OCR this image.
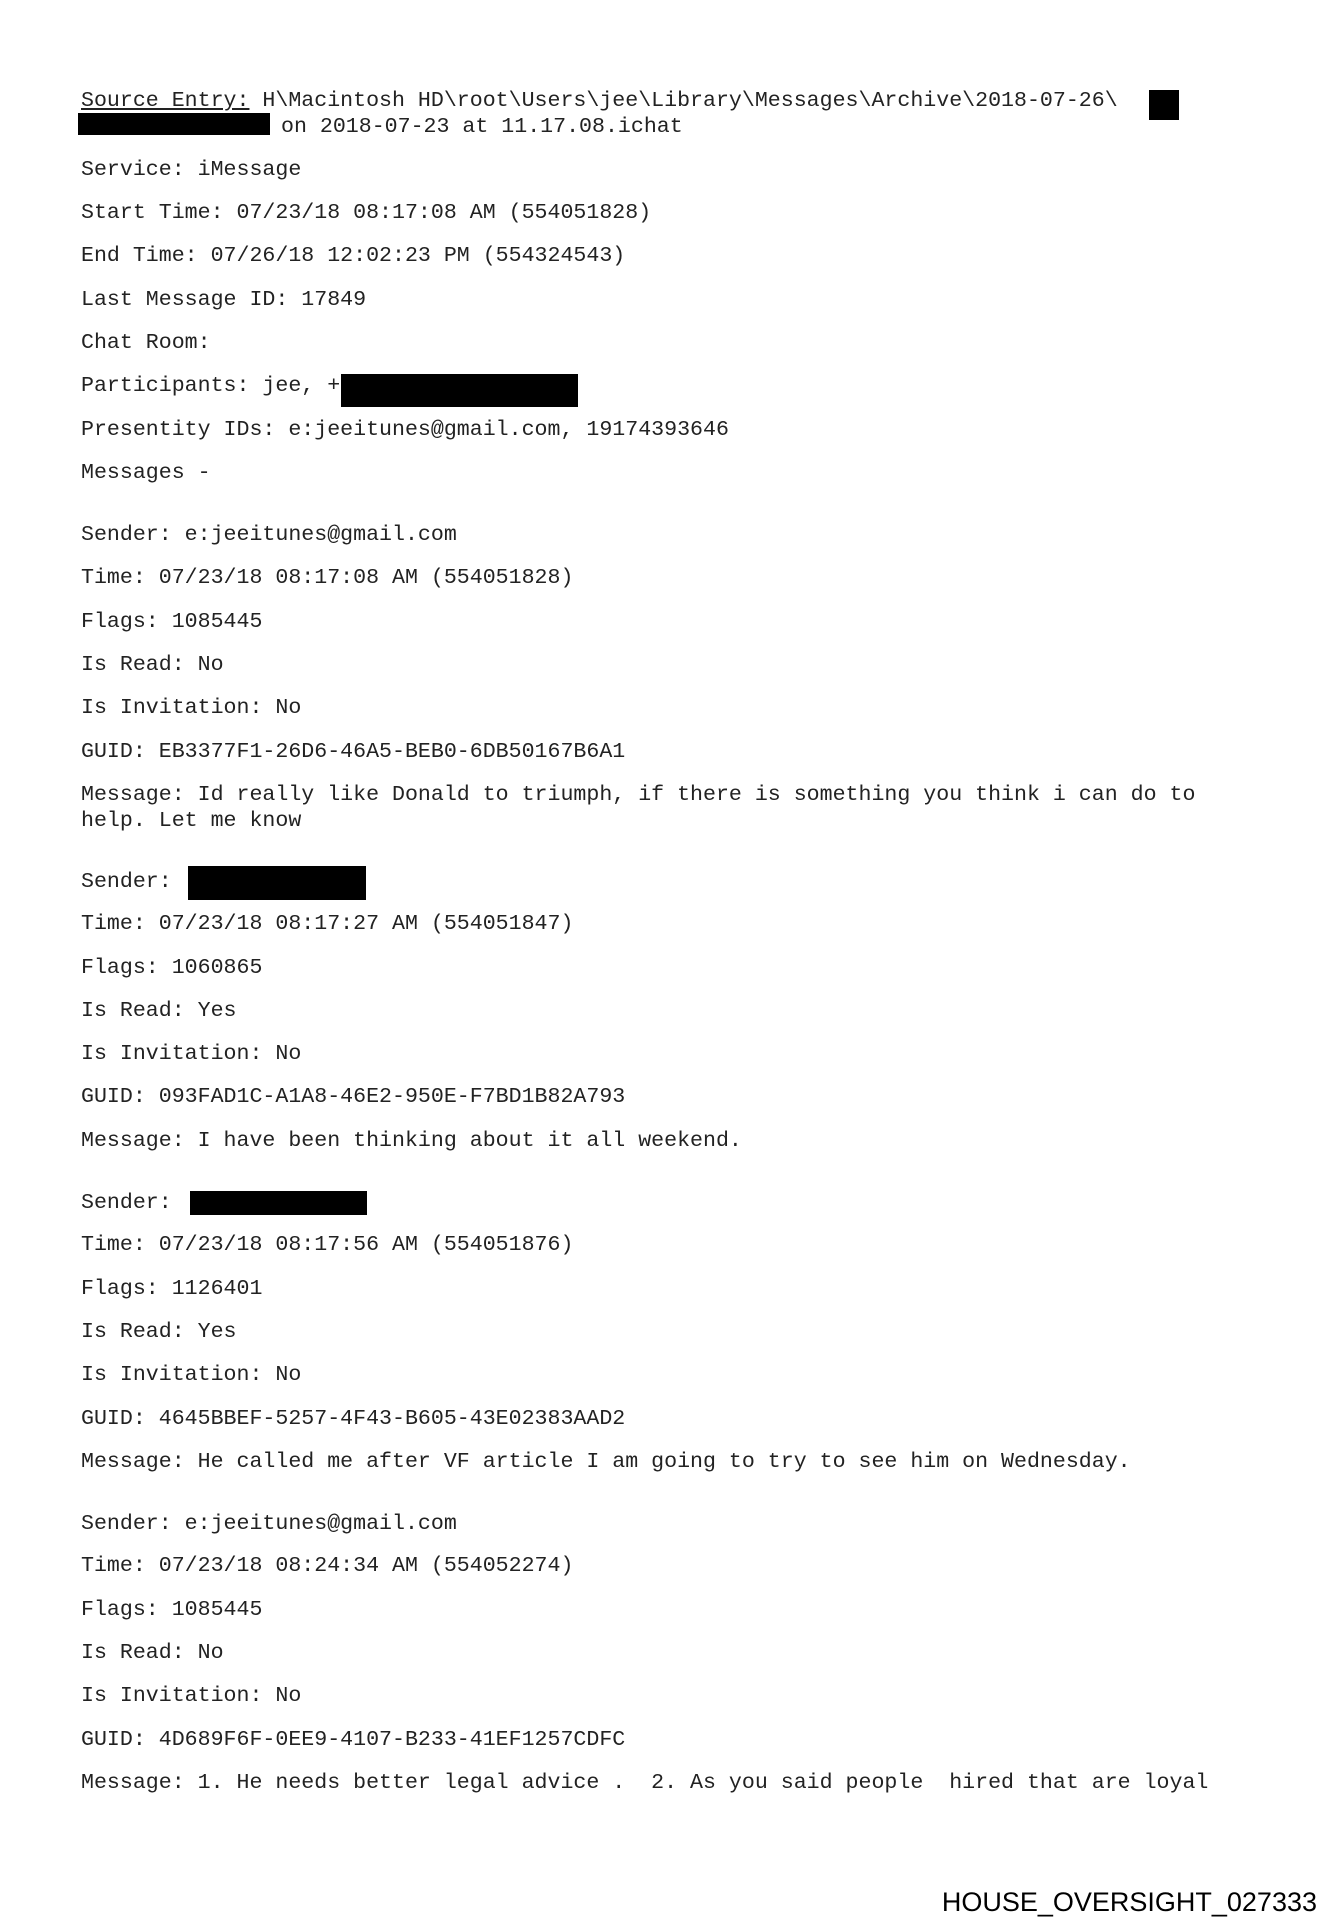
Source Entry: H\Macintosh HD\root\Users\jee\Library\Messages\Archive\2018-07-26\
on 2018-07-23 at 11.17.08.ichat
Service: iMessage
Start Time: 07/23/18 08:17:08 AM (554051828)
End Time: 07/26/18 12:02:23 PM (554324543)
Last Message ID: 17849
Chat Room:
Participants: jee, +
Presentity IDs: e:jeeitunes@gmail.com, 19174393646
Messages -
Sender: e:jeeitunes@gmail.com
Time: 07/23/18 08:17:08 AM (554051828)
Flags: 1085445
Is Read: No
Is Invitation: No
GUID: EB3377F1-26D6-46A5-BEB0-6DB50167B6A1
Message: Id really like Donald to triumph, if there is something you think i can do to help. Let me know
Sender:
Time: 07/23/18 08:17:27 AM (554051847)
Flags: 1060865
Is Read: Yes
Is Invitation: No
GUID: 093FAD1C-A1A8-46E2-950E-F7BD1B82A793
Message: I have been thinking about it all weekend.
Sender:
Time: 07/23/18 08:17:56 AM (554051876)
Flags: 1126401
Is Read: Yes
Is Invitation: No
GUID: 4645BBEF-5257-4F43-B605-43E02383AAD2
Message: He called me after VF article I am going to try to see him on Wednesday.
Sender: e:jeeitunes@gmail.com
Time: 07/23/18 08:24:34 AM (554052274)
Flags: 1085445
Is Read: No
Is Invitation: No
GUID: 4D689F6F-0EE9-4107-B233-41EF1257CDFC
Message: 1. He needs better legal advice .  2. As you said people  hired that are loyal
HOUSE_OVERSIGHT_027333
